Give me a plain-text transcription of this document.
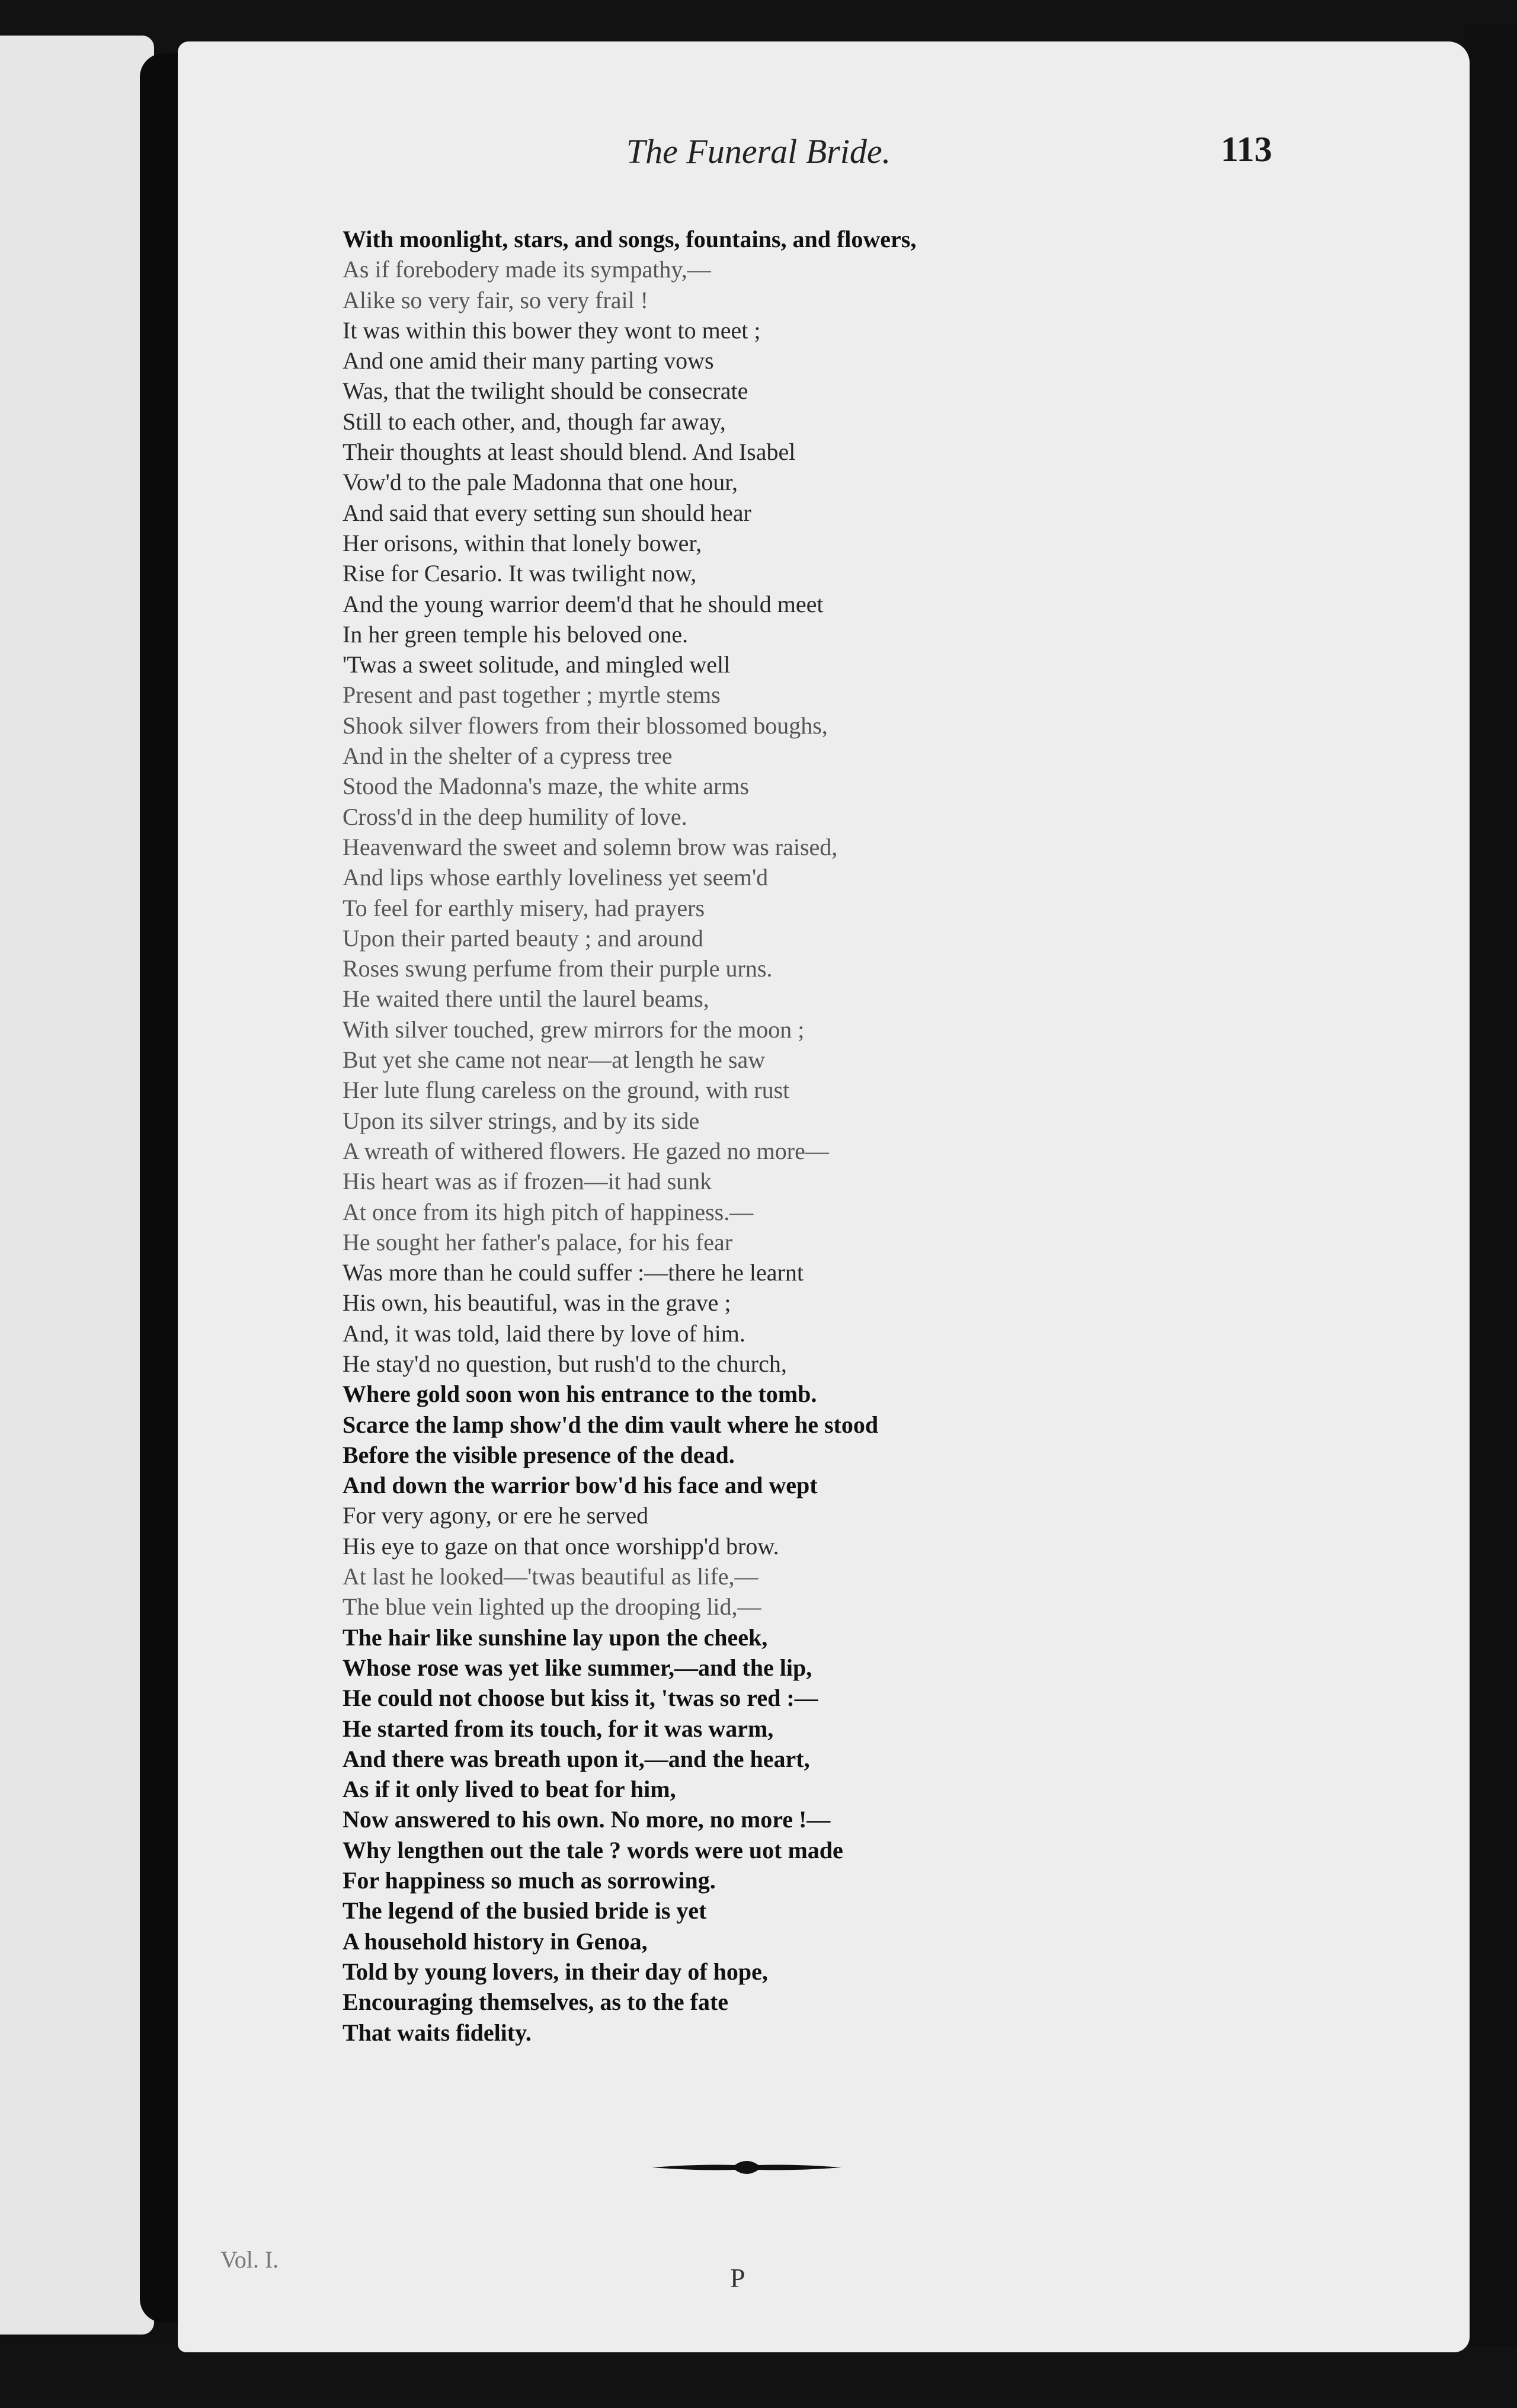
The Funeral Bride.	113
With moonlight, stars, and songs, fountains, and flowers,
As if forebodery made its sympathy,—
Alike so very fair, so very frail !
It was within this bower they wont to meet ;
And one amid their many parting vows
Was, that the twilight should be consecrate
Still to each other, and, though far away,
Their thoughts at least should blend. And Isabel
Vow'd to the pale Madonna that one hour,
And said that every setting sun should hear
Her orisons, within that lonely bower,
Rise for Cesario. It was twilight now,
And the young warrior deem'd that he should meet
In her green temple his beloved one.
'Twas a sweet solitude, and mingled well
Present and past together ; myrtle stems
Shook silver flowers from their blossomed boughs,
And in the shelter of a cypress tree
Stood the Madonna's maze, the white arms
Cross'd in the deep humility of love.
Heavenward the sweet and solemn brow was raised,
And lips whose earthly loveliness yet seem'd
To feel for earthly misery, had prayers
Upon their parted beauty ; and around
Roses swung perfume from their purple urns.
He waited there until the laurel beams,
With silver touched, grew mirrors for the moon ;
But yet she came not near—at length he saw
Her lute flung careless on the ground, with rust
Upon its silver strings, and by its side
A wreath of withered flowers. He gazed no more—
His heart was as if frozen—it had sunk
At once from its high pitch of happiness.—
He sought her father's palace, for his fear
Was more than he could suffer :—there he learnt
His own, his beautiful, was in the grave ;
And, it was told, laid there by love of him.
He stay'd no question, but rush'd to the church,
Where gold soon won his entrance to the tomb.
Scarce the lamp show'd the dim vault where he stood
Before the visible presence of the dead.
And down the warrior bow'd his face and wept
For very agony, or ere he served
His eye to gaze on that once worshipp'd brow.
At last he looked—'twas beautiful as life,—
The blue vein lighted up the drooping lid,—
The hair like sunshine lay upon the cheek,
Whose rose was yet like summer,—and the lip,
He could not choose but kiss it, 'twas so red :—
He started from its touch, for it was warm,
And there was breath upon it,—and the heart,
As if it only lived to beat for him,
Now answered to his own. No more, no more !—
Why lengthen out the tale ? words were uot made
For happiness so much as sorrowing.
The legend of the busied bride is yet
A household history in Genoa,
Told by young lovers, in their day of hope,
Encouraging themselves, as to the fate
That waits fidelity.
Vol. I.
P
